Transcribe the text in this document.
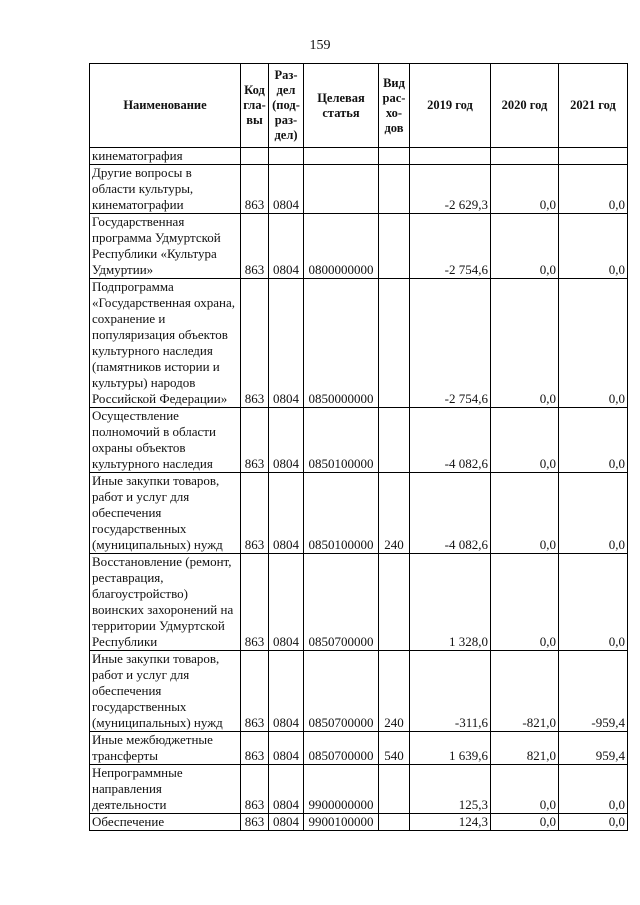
159
Наименование	Код гла- вы	Раз- дел (под- раз- дел)	Целевая статья	Вид рас- хо- дов	2019 год	2020 год	2021 год
кинематография							
Другие вопросы в области культуры, кинематографии	863	0804			-2 629,3	0,0	0,0
Государственная программа Удмуртской Республики «Культура Удмуртии»	863	0804	0800000000		-2 754,6	0,0	0,0
Подпрограмма «Государственная охрана, сохранение и популяризация объектов культурного наследия (памятников истории и культуры) народов Российской Федерации»	863	0804	0850000000		-2 754,6	0,0	0,0
Осуществление полномочий в области охраны объектов культурного наследия	863	0804	0850100000		-4 082,6	0,0	0,0
Иные закупки товаров, работ и услуг для обеспечения государственных (муниципальных) нужд	863	0804	0850100000	240	-4 082,6	0,0	0,0
Восстановление (ремонт, реставрация, благоустройство) воинских захоронений на территории Удмуртской Республики	863	0804	0850700000		1 328,0	0,0	0,0
Иные закупки товаров, работ и услуг для обеспечения государственных (муниципальных) нужд	863	0804	0850700000	240	-311,6	-821,0	-959,4
Иные межбюджетные трансферты	863	0804	0850700000	540	1 639,6	821,0	959,4
Непрограммные направления деятельности	863	0804	9900000000		125,3	0,0	0,0
Обеспечение	863	0804	9900100000		124,3	0,0	0,0
